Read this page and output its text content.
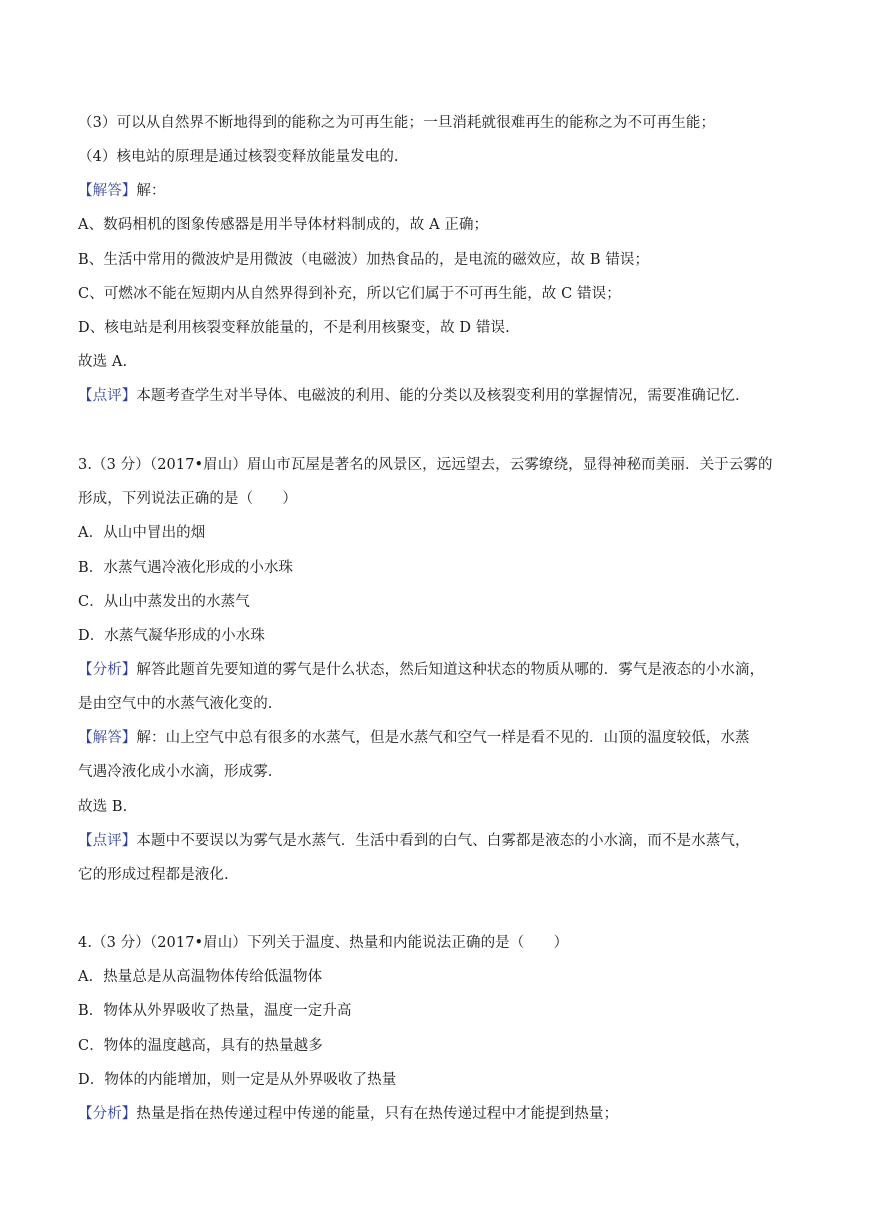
（3）可以从自然界不断地得到的能称之为可再生能；一旦消耗就很难再生的能称之为不可再生能；
（4）核电站的原理是通过核裂变释放能量发电的.
【解答】解：
A、数码相机的图象传感器是用半导体材料制成的，故 A 正确；
B、生活中常用的微波炉是用微波（电磁波）加热食品的，是电流的磁效应，故 B 错误；
C、可燃冰不能在短期内从自然界得到补充，所以它们属于不可再生能，故 C 错误；
D、核电站是利用核裂变释放能量的，不是利用核聚变，故 D 错误.
故选 A.
【点评】本题考查学生对半导体、电磁波的利用、能的分类以及核裂变利用的掌握情况，需要准确记忆.
3.（3 分）（2017•眉山）眉山市瓦屋是著名的风景区，远远望去，云雾缭绕，显得神秘而美丽．关于云雾的
形成，下列说法正确的是（　　）
A．从山中冒出的烟
B．水蒸气遇冷液化形成的小水珠
C．从山中蒸发出的水蒸气
D．水蒸气凝华形成的小水珠
【分析】解答此题首先要知道的雾气是什么状态，然后知道这种状态的物质从哪的．雾气是液态的小水滴，
是由空气中的水蒸气液化变的.
【解答】解：山上空气中总有很多的水蒸气，但是水蒸气和空气一样是看不见的．山顶的温度较低，水蒸
气遇冷液化成小水滴，形成雾.
故选 B.
【点评】本题中不要误以为雾气是水蒸气．生活中看到的白气、白雾都是液态的小水滴，而不是水蒸气，
它的形成过程都是液化.
4.（3 分）（2017•眉山）下列关于温度、热量和内能说法正确的是（　　）
A．热量总是从高温物体传给低温物体
B．物体从外界吸收了热量，温度一定升高
C．物体的温度越高，具有的热量越多
D．物体的内能增加，则一定是从外界吸收了热量
【分析】热量是指在热传递过程中传递的能量，只有在热传递过程中才能提到热量；
